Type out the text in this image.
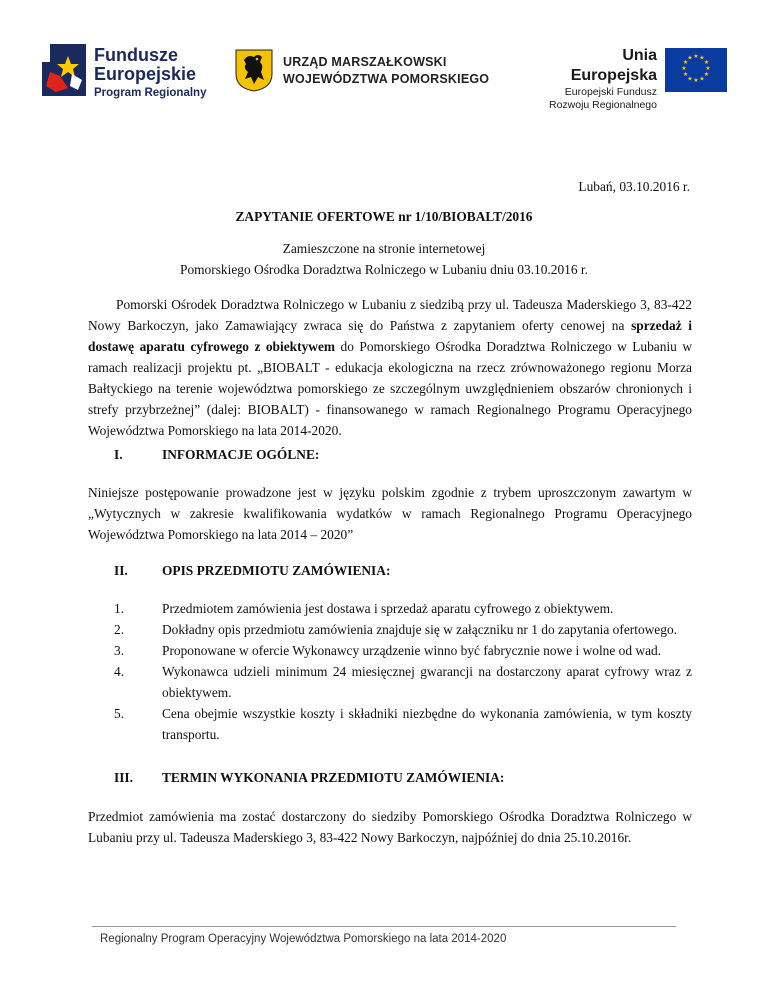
Fundusze
Europejskie
Program Regionalny
URZĄD MARSZAŁKOWSKI
WOJEWÓDZTWA POMORSKIEGO
Unia Europejska
Europejski Fundusz
Rozwoju Regionalnego
★ ★
★
★
★
★
★
★
★
★
★
★
Lubań, 03.10.2016 r.
ZAPYTANIE OFERTOWE nr 1/10/BIOBALT/2016
Zamieszczone na stronie internetowej
Pomorskiego Ośrodka Doradztwa Rolniczego w Lubaniu dniu 03.10.2016 r.
Pomorski Ośrodek Doradztwa Rolniczego w Lubaniu z siedzibą przy ul. Tadeusza Maderskiego 3, 83-422 Nowy Barkoczyn, jako Zamawiający zwraca się do Państwa z zapytaniem oferty cenowej na sprzedaż i dostawę aparatu cyfrowego z obiektywem do Pomorskiego Ośrodka Doradztwa Rolniczego w Lubaniu w ramach realizacji projektu pt. „BIOBALT - edukacja ekologiczna na rzecz zrównoważonego regionu Morza Bałtyckiego na terenie województwa pomorskiego ze szczególnym uwzględnieniem obszarów chronionych i strefy przybrzeżnej” (dalej: BIOBALT) - finansowanego w ramach Regionalnego Programu Operacyjnego Województwa Pomorskiego na lata 2014-2020.
I.	INFORMACJE OGÓLNE:
Niniejsze postępowanie prowadzone jest w języku polskim zgodnie z trybem uproszczonym zawartym w „Wytycznych w zakresie kwalifikowania wydatków w ramach Regionalnego Programu Operacyjnego Województwa Pomorskiego na lata 2014 – 2020”
II.	OPIS PRZEDMIOTU ZAMÓWIENIA:
1.	Przedmiotem zamówienia jest dostawa i sprzedaż aparatu cyfrowego z obiektywem.
2.	Dokładny opis przedmiotu zamówienia znajduje się w załączniku nr 1 do zapytania ofertowego.
3.	Proponowane w ofercie Wykonawcy urządzenie winno być fabrycznie nowe i wolne od wad.
4.	Wykonawca udzieli minimum 24 miesięcznej gwarancji na dostarczony aparat cyfrowy wraz z obiektywem.
5.	Cena obejmie wszystkie koszty i składniki niezbędne do wykonania zamówienia, w tym koszty transportu.
III. TERMIN WYKONANIA PRZEDMIOTU ZAMÓWIENIA:
Przedmiot zamówienia ma zostać dostarczony do siedziby Pomorskiego Ośrodka Doradztwa Rolniczego w Lubaniu przy ul. Tadeusza Maderskiego 3, 83-422 Nowy Barkoczyn, najpóźniej do dnia 25.10.2016r.
Regionalny Program Operacyjny Województwa Pomorskiego na lata 2014-2020
